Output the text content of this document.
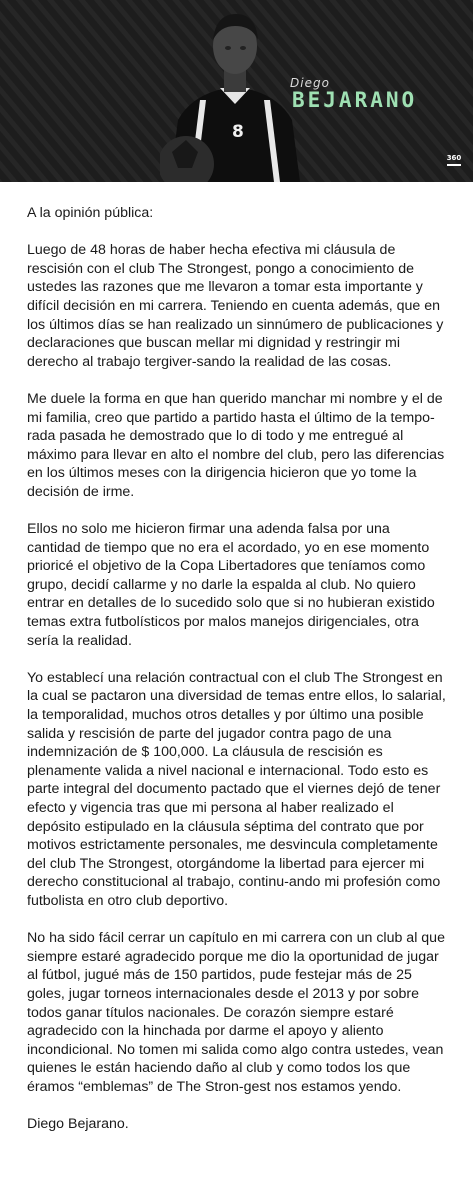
Diego
BEJARANO
8
360

A la opinión pública:

Luego de 48 horas de haber hecha efectiva mi cláusula de rescisión con el club The Strongest, pongo a conocimiento de ustedes las razones que me llevaron a tomar esta importante y difícil decisión en mi carrera. Teniendo en cuenta además, que en los últimos días se han realizado un sinnúmero de publicaciones y declaraciones que buscan mellar mi dignidad y restringir mi derecho al trabajo tergiver-sando la realidad de las cosas.

Me duele la forma en que han querido manchar mi nombre y el de mi familia, creo que partido a partido hasta el último de la tempo-rada pasada he demostrado que lo di todo y me entregué al máximo para llevar en alto el nombre del club, pero las diferencias en los últimos meses con la dirigencia hicieron que yo tome la decisión de irme.

Ellos no solo me hicieron firmar una adenda falsa por una cantidad de tiempo que no era el acordado, yo en ese momento prioricé el objetivo de la Copa Libertadores que teníamos como grupo, decidí callarme y no darle la espalda al club. No quiero entrar en detalles de lo sucedido solo que si no hubieran existido temas extra futbolísticos por malos manejos dirigenciales, otra sería la realidad.

Yo establecí una relación contractual con el club The Strongest en la cual se pactaron una diversidad de temas entre ellos, lo salarial, la temporalidad, muchos otros detalles y por último una posible salida y rescisión de parte del jugador contra pago de una indemnización de $ 100,000. La cláusula de rescisión es plenamente valida a nivel nacional e internacional. Todo esto es parte integral del documento pactado que el viernes dejó de tener efecto y vigencia tras que mi persona al haber realizado el depósito estipulado en la cláusula séptima del contrato que por motivos estrictamente personales, me desvincula completamente del club The Strongest, otorgándome la libertad para ejercer mi derecho constitucional al trabajo, continu-ando mi profesión como futbolista en otro club deportivo.

No ha sido fácil cerrar un capítulo en mi carrera con un club al que siempre estaré agradecido porque me dio la oportunidad de jugar al fútbol, jugué más de 150 partidos, pude festejar más de 25 goles, jugar torneos internacionales desde el 2013 y por sobre todos ganar títulos nacionales. De corazón siempre estaré agradecido con la hinchada por darme el apoyo y aliento incondicional. No tomen mi salida como algo contra ustedes, vean quienes le están haciendo daño al club y como todos los que éramos “emblemas” de The Stron-gest nos estamos yendo.

Diego Bejarano.
